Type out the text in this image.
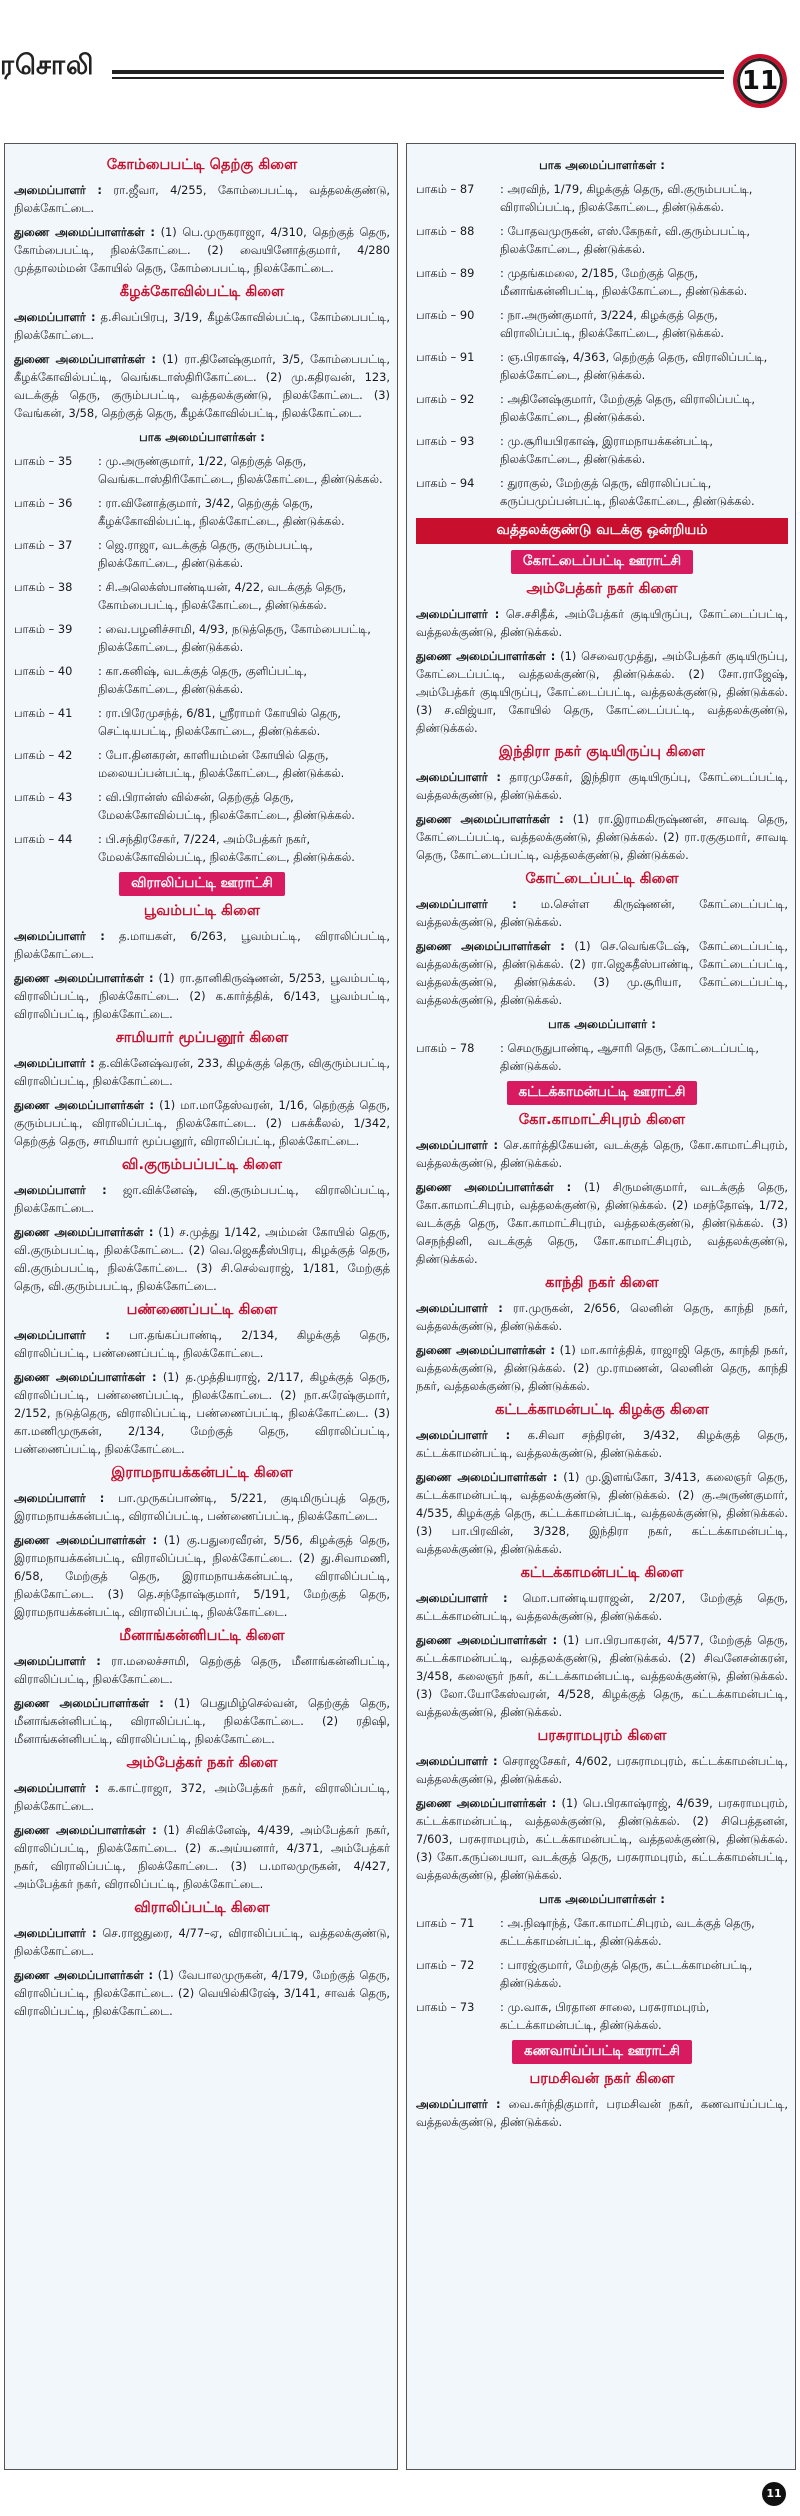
ரசொலி	11
கோம்பைபட்டி தெற்கு கிளை
அமைப்பாளர் : ரா.ஜீவா, 4/255, கோம்பைபட்டி, வத்தலக்குண்டு, நிலக்கோட்டை.
துணை அமைப்பாளர்கள் : (1) பெ.முருகராஜா, 4/310, தெற்குத் தெரு, கோம்பைபட்டி, நிலக்கோட்டை. (2) வையினோத்குமார், 4/280 முத்தாலம்மன் கோயில் தெரு, கோம்பைபட்டி, நிலக்கோட்டை.
கீழக்கோவில்பட்டி கிளை
அமைப்பாளர் : த.சிவப்பிரபு, 3/19, கீழக்கோவில்பட்டி, கோம்பைபட்டி, நிலக்கோட்டை.
துணை அமைப்பாளர்கள் : (1) ரா.தினேஷ்குமார், 3/5, கோம்பைபட்டி, கீழக்கோவில்பட்டி, வெங்கடாஸ்திரிகோட்டை. (2) மு.கதிரவன், 123, வடக்குத் தெரு, குரும்பபட்டி, வத்தலக்குண்டு, நிலக்கோட்டை. (3) வேங்கன், 3/58, தெற்குத் தெரு, கீழக்கோவில்பட்டி, நிலக்கோட்டை.
பாக அமைப்பாளர்கள் :
பாகம் – 35	: மு.அருண்குமார், 1/22, தெற்குத் தெரு, வெங்கடாஸ்திரிகோட்டை, நிலக்கோட்டை, திண்டுக்கல்.
பாகம் – 36	: ரா.வினோத்குமார், 3/42, தெற்குத் தெரு, கீழக்கோவில்பட்டி, நிலக்கோட்டை, திண்டுக்கல்.
பாகம் – 37	: ஜெ.ராஜா, வடக்குத் தெரு, குரும்பபட்டி, நிலக்கோட்டை, திண்டுக்கல்.
பாகம் – 38	: சி.அலெக்ஸ்பாண்டியன், 4/22, வடக்குத் தெரு, கோம்பைபட்டி, நிலக்கோட்டை, திண்டுக்கல்.
பாகம் – 39	: வை.பழனிச்சாமி, 4/93, நடுத்தெரு, கோம்பைபட்டி, நிலக்கோட்டை, திண்டுக்கல்.
பாகம் – 40	: கா.கனிஷ், வடக்குத் தெரு, குளிப்பட்டி, நிலக்கோட்டை, திண்டுக்கல்.
பாகம் – 41	: ரா.பிரேமுசந்த், 6/81, ஸ்ரீராமர் கோயில் தெரு, செட்டியபட்டி, நிலக்கோட்டை, திண்டுக்கல்.
பாகம் – 42	: போ.தினகரன், காளியம்மன் கோயில் தெரு, மலையப்பன்பட்டி, நிலக்கோட்டை, திண்டுக்கல்.
பாகம் – 43	: வி.பிரான்ஸ் வில்சன், தெற்குத் தெரு, மேலக்கோவில்பட்டி, நிலக்கோட்டை, திண்டுக்கல்.
பாகம் – 44	: பி.சந்திரசேகர், 7/224, அம்பேத்கர் நகர், மேலக்கோவில்பட்டி, நிலக்கோட்டை, திண்டுக்கல்.
விராலிப்பட்டி ஊராட்சி
பூவம்பட்டி கிளை
அமைப்பாளர் : த.மாயகள், 6/263, பூவம்பட்டி, விராலிப்பட்டி, நிலக்கோட்டை.
துணை அமைப்பாளர்கள் : (1) ரா.தானிகிருஷ்ணன், 5/253, பூவம்பட்டி, விராலிப்பட்டி, நிலக்கோட்டை. (2) க.கார்த்திக், 6/143, பூவம்பட்டி, விராலிப்பட்டி, நிலக்கோட்டை.
சாமியார் மூப்பனூர் கிளை
அமைப்பாளர் : த.விக்னேஷ்வரன், 233, கிழக்குத் தெரு, விகுரும்பபட்டி, விராலிப்பட்டி, நிலக்கோட்டை.
துணை அமைப்பாளர்கள் : (1) மா.மாதேஸ்வரன், 1/16, தெற்குத் தெரு, குரும்பபட்டி, விராலிப்பட்டி, நிலக்கோட்டை. (2) பசுக்கீலல், 1/342, தெற்குத் தெரு, சாமியார் மூப்பனூர், விராலிப்பட்டி, நிலக்கோட்டை.
வி.குரும்பப்பட்டி கிளை
அமைப்பாளர் : ஜா.விக்னேஷ், வி.குரும்பபட்டி, விராலிப்பட்டி, நிலக்கோட்டை.
துணை அமைப்பாளர்கள் : (1) ச.முத்து 1/142, அம்மன் கோயில் தெரு, வி.குரும்பபட்டி, நிலக்கோட்டை. (2) வெ.ஜெகதீஸ்பிரபு, கிழக்குத் தெரு, வி.குரும்பபட்டி, நிலக்கோட்டை. (3) சி.செல்வராஜ், 1/181, மேற்குத் தெரு, வி.குரும்பபட்டி, நிலக்கோட்டை.
பண்ணைப்பட்டி கிளை
அமைப்பாளர் : பா.தங்கப்பாண்டி, 2/134, கிழக்குத் தெரு, விராலிப்பட்டி, பண்ணைப்பட்டி, நிலக்கோட்டை.
துணை அமைப்பாளர்கள் : (1) த.முத்தியராஜ், 2/117, கிழக்குத் தெரு, விராலிப்பட்டி, பண்ணைப்பட்டி, நிலக்கோட்டை. (2) நா.சுரேஷ்குமார், 2/152, நடுத்தெரு, விராலிப்பட்டி, பண்ணைப்பட்டி, நிலக்கோட்டை. (3) கா.மணிமுருகன், 2/134, மேற்குத் தெரு, விராலிப்பட்டி, பண்ணைப்பட்டி, நிலக்கோட்டை.
இராமநாயக்கன்பட்டி கிளை
அமைப்பாளர் : பா.முருகப்பாண்டி, 5/221, குடிமிருப்புத் தெரு, இராமநாயக்கன்பட்டி, விராலிப்பட்டி, பண்ணைப்பட்டி, நிலக்கோட்டை.
துணை அமைப்பாளர்கள் : (1) கு.பதுரைவீரன், 5/56, கிழக்குத் தெரு, இராமநாயக்கன்பட்டி, விராலிப்பட்டி, நிலக்கோட்டை. (2) து.சிவாமணி, 6/58, மேற்குத் தெரு, இராமநாயக்கன்பட்டி, விராலிப்பட்டி, நிலக்கோட்டை. (3) தெ.சந்தோஷ்குமார், 5/191, மேற்குத் தெரு, இராமநாயக்கன்பட்டி, விராலிப்பட்டி, நிலக்கோட்டை.
மீனாங்கன்னிபட்டி கிளை
அமைப்பாளர் : ரா.மலைச்சாமி, தெற்குத் தெரு, மீனாங்கன்னிபட்டி, விராலிப்பட்டி, நிலக்கோட்டை.
துணை அமைப்பாளர்கள் : (1) பெதுமிழ்செல்வன், தெற்குத் தெரு, மீனாங்கன்னிபட்டி, விராலிப்பட்டி, நிலக்கோட்டை. (2) ரதிஷி, மீனாங்கன்னிபட்டி, விராலிப்பட்டி, நிலக்கோட்டை.
அம்பேத்கர் நகர் கிளை
அமைப்பாளர் : க.காட்ராஜா, 372, அம்பேத்கர் நகர், விராலிப்பட்டி, நிலக்கோட்டை.
துணை அமைப்பாளர்கள் : (1) சிவிக்னேஷ், 4/439, அம்பேத்கர் நகர், விராலிப்பட்டி, நிலக்கோட்டை. (2) க.அய்யனார், 4/371, அம்பேத்கர் நகர், விராலிப்பட்டி, நிலக்கோட்டை. (3) ப.மாலமுருகன், 4/427, அம்பேத்கர் நகர், விராலிப்பட்டி, நிலக்கோட்டை.
விராலிப்பட்டி கிளை
அமைப்பாளர் : செ.ராஜதுரை, 4/77–ஏ, விராலிப்பட்டி, வத்தலக்குண்டு, நிலக்கோட்டை.
துணை அமைப்பாளர்கள் : (1) வேபாலமுருகன், 4/179, மேற்குத் தெரு, விராலிப்பட்டி, நிலக்கோட்டை. (2) வெயில்கிரேஷ், 3/141, சாவக் தெரு, விராலிப்பட்டி, நிலக்கோட்டை.
பாக அமைப்பாளர்கள் :
பாகம் – 87	: அரவிந், 1/79, கிழக்குத் தெரு, வி.குரும்பபட்டி, விராலிப்பட்டி, நிலக்கோட்டை, திண்டுக்கல்.
பாகம் – 88	: போதவமுருகன், எஸ்.கேநகர், வி.குரும்பபட்டி, நிலக்கோட்டை, திண்டுக்கல்.
பாகம் – 89	: முதங்கமலை, 2/185, மேற்குத் தெரு, மீனாங்கன்னிபட்டி, நிலக்கோட்டை, திண்டுக்கல்.
பாகம் – 90	: நா.அருண்குமார், 3/224, கிழக்குத் தெரு, விராலிப்பட்டி, நிலக்கோட்டை, திண்டுக்கல்.
பாகம் – 91	: ஞ.பிரகாஷ், 4/363, தெற்குத் தெரு, விராலிப்பட்டி, நிலக்கோட்டை, திண்டுக்கல்.
பாகம் – 92	: அதினேஷ்குமார், மேற்குத் தெரு, விராலிப்பட்டி, நிலக்கோட்டை, திண்டுக்கல்.
பாகம் – 93	: மு.சூரியபிரகாஷ், இராமநாயக்கன்பட்டி, நிலக்கோட்டை, திண்டுக்கல்.
பாகம் – 94	: துராகுல், மேற்குத் தெரு, விராலிப்பட்டி, கருப்பமுப்பன்பட்டி, நிலக்கோட்டை, திண்டுக்கல்.
வத்தலக்குண்டு வடக்கு ஒன்றியம்
கோட்டைப்பட்டி ஊராட்சி
அம்பேத்கர் நகர் கிளை
அமைப்பாளர் : செ.சசிதீக், அம்பேத்கர் குடியிருப்பு, கோட்டைப்பட்டி, வத்தலக்குண்டு, திண்டுக்கல்.
துணை அமைப்பாளர்கள் : (1) செவைரமுத்து, அம்பேத்கர் குடியிருப்பு, கோட்டைப்பட்டி, வத்தலக்குண்டு, திண்டுக்கல். (2) சோ.ராஜேஷ், அம்பேத்கர் குடியிருப்பு, கோட்டைப்பட்டி, வத்தலக்குண்டு, திண்டுக்கல். (3) ச.விஜ்யா, கோயில் தெரு, கோட்டைப்பட்டி, வத்தலக்குண்டு, திண்டுக்கல்.
இந்திரா நகர் குடியிருப்பு கிளை
அமைப்பாளர் : தாரமுசேகர், இந்திரா குடியிருப்பு, கோட்டைப்பட்டி, வத்தலக்குண்டு, திண்டுக்கல்.
துணை அமைப்பாளர்கள் : (1) ரா.இராமகிருஷ்ணன், சாவடி தெரு, கோட்டைப்பட்டி, வத்தலக்குண்டு, திண்டுக்கல். (2) ரா.ரகுகுமார், சாவடி தெரு, கோட்டைப்பட்டி, வத்தலக்குண்டு, திண்டுக்கல்.
கோட்டைப்பட்டி கிளை
அமைப்பாளர் : ம.செள்ள கிருஷ்ணன், கோட்டைப்பட்டி, வத்தலக்குண்டு, திண்டுக்கல்.
துணை அமைப்பாளர்கள் : (1) செ.வெங்கடேஷ், கோட்டைப்பட்டி, வத்தலக்குண்டு, திண்டுக்கல். (2) ரா.ஜெகதீஸ்பாண்டி, கோட்டைப்பட்டி, வத்தலக்குண்டு, திண்டுக்கல். (3) மு.சூரியா, கோட்டைப்பட்டி, வத்தலக்குண்டு, திண்டுக்கல்.
பாக அமைப்பாளர் :
பாகம் – 78	: செமருதுபாண்டி, ஆசாரி தெரு, கோட்டைப்பட்டி, திண்டுக்கல்.
கட்டக்காமன்பட்டி ஊராட்சி
கோ.காமாட்சிபுரம் கிளை
அமைப்பாளர் : செ.கார்த்திகேயன், வடக்குத் தெரு, கோ.காமாட்சிபுரம், வத்தலக்குண்டு, திண்டுக்கல்.
துணை அமைப்பாளர்கள் : (1) சிருமன்குமார், வடக்குத் தெரு, கோ.காமாட்சிபுரம், வத்தலக்குண்டு, திண்டுக்கல். (2) மசந்தோஷ், 1/72, வடக்குத் தெரு, கோ.காமாட்சிபுரம், வத்தலக்குண்டு, திண்டுக்கல். (3) செநந்தினி, வடக்குத் தெரு, கோ.காமாட்சிபுரம், வத்தலக்குண்டு, திண்டுக்கல்.
காந்தி நகர் கிளை
அமைப்பாளர் : ரா.முருகன், 2/656, லெனின் தெரு, காந்தி நகர், வத்தலக்குண்டு, திண்டுக்கல்.
துணை அமைப்பாளர்கள் : (1) மா.கார்த்திக், ராஜாஜி தெரு, காந்தி நகர், வத்தலக்குண்டு, திண்டுக்கல். (2) மு.ராமணன், லெனின் தெரு, காந்தி நகர், வத்தலக்குண்டு, திண்டுக்கல்.
கட்டக்காமன்பட்டி கிழக்கு கிளை
அமைப்பாளர் : க.சிவா சந்திரன், 3/432, கிழக்குத் தெரு, கட்டக்காமன்பட்டி, வத்தலக்குண்டு, திண்டுக்கல்.
துணை அமைப்பாளர்கள் : (1) மு.இளங்கோ, 3/413, கலைஞர் தெரு, கட்டக்காமன்பட்டி, வத்தலக்குண்டு, திண்டுக்கல். (2) கு.அருண்குமார், 4/535, கிழக்குத் தெரு, கட்டக்காமன்பட்டி, வத்தலக்குண்டு, திண்டுக்கல். (3) பா.பிரவின், 3/328, இந்திரா நகர், கட்டக்காமன்பட்டி, வத்தலக்குண்டு, திண்டுக்கல்.
கட்டக்காமன்பட்டி கிளை
அமைப்பாளர் : மொ.பாண்டியராஜன், 2/207, மேற்குத் தெரு, கட்டக்காமன்பட்டி, வத்தலக்குண்டு, திண்டுக்கல்.
துணை அமைப்பாளர்கள் : (1) பா.பிரபாகரன், 4/577, மேற்குத் தெரு, கட்டக்காமன்பட்டி, வத்தலக்குண்டு, திண்டுக்கல். (2) சிவனேசன்கரன், 3/458, கலைஞர் நகர், கட்டக்காமன்பட்டி, வத்தலக்குண்டு, திண்டுக்கல். (3) லோ.யோகேஸ்வரன், 4/528, கிழக்குத் தெரு, கட்டக்காமன்பட்டி, வத்தலக்குண்டு, திண்டுக்கல்.
பரசுராமபுரம் கிளை
அமைப்பாளர் : செராஜசேகர், 4/602, பரசுராமபுரம், கட்டக்காமன்பட்டி, வத்தலக்குண்டு, திண்டுக்கல்.
துணை அமைப்பாளர்கள் : (1) பெ.பிரகாஷ்ராஜ், 4/639, பரசுராமபுரம், கட்டக்காமன்பட்டி, வத்தலக்குண்டு, திண்டுக்கல். (2) சிபெத்தனன், 7/603, பரசுராமபுரம், கட்டக்காமன்பட்டி, வத்தலக்குண்டு, திண்டுக்கல். (3) கோ.கருப்பையா, வடக்குத் தெரு, பரசுராமபுரம், கட்டக்காமன்பட்டி, வத்தலக்குண்டு, திண்டுக்கல்.
பாக அமைப்பாளர்கள் :
பாகம் – 71	: அ.நிஷாந்த், கோ.காமாட்சிபுரம், வடக்குத் தெரு, கட்டக்காமன்பட்டி, திண்டுக்கல்.
பாகம் – 72	: பாரஜ்குமார், மேற்குத் தெரு, கட்டக்காமன்பட்டி, திண்டுக்கல்.
பாகம் – 73	: மு.வாசு, பிரதான சாலை, பரசுராமபுரம், கட்டக்காமன்பட்டி, திண்டுக்கல்.
கணவாய்ப்பட்டி ஊராட்சி
பரமசிவன் நகர் கிளை
அமைப்பாளர் : வை.சுர்ந்திகுமார், பரமசிவன் நகர், கணவாய்ப்பட்டி, வத்தலக்குண்டு, திண்டுக்கல்.
11
